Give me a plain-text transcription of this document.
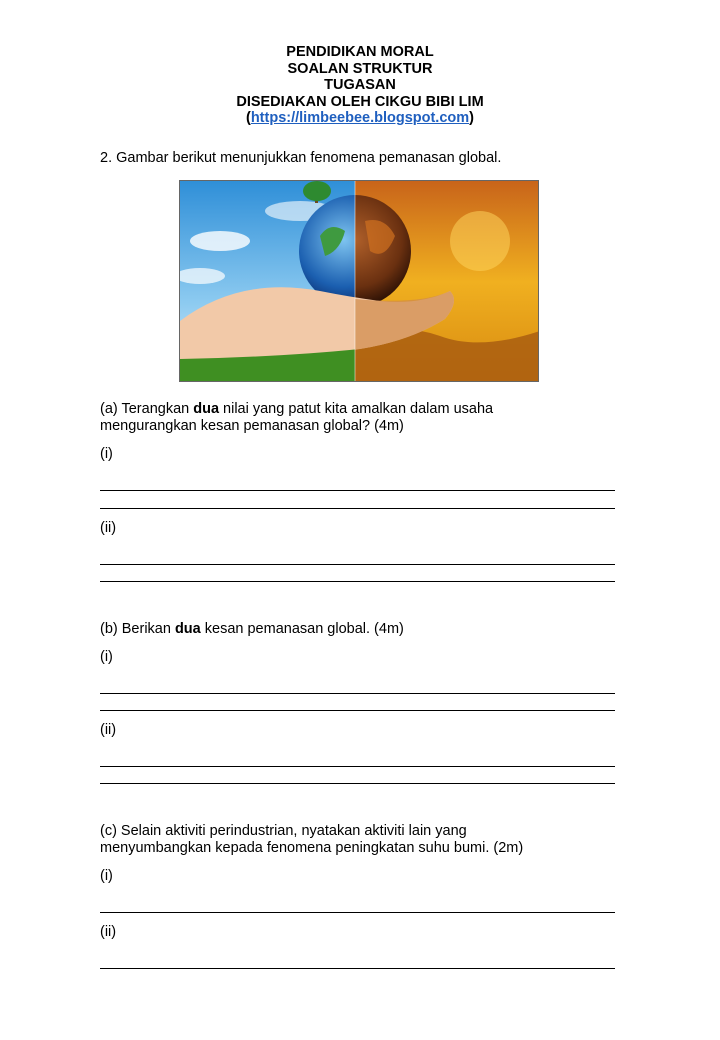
PENDIDIKAN MORAL
SOALAN STRUKTUR
TUGASAN
DISEDIAKAN OLEH CIKGU BIBI LIM
(https://limbeebee.blogspot.com)
2. Gambar berikut menunjukkan fenomena pemanasan global.
(a) Terangkan dua nilai yang patut kita amalkan dalam usaha
mengurangkan kesan pemanasan global? (4m)
(i)
(ii)
(b) Berikan dua kesan pemanasan global. (4m)
(i)
(ii)
(c) Selain aktiviti perindustrian, nyatakan aktiviti lain yang
menyumbangkan kepada fenomena peningkatan suhu bumi. (2m)
(i)
(ii)
